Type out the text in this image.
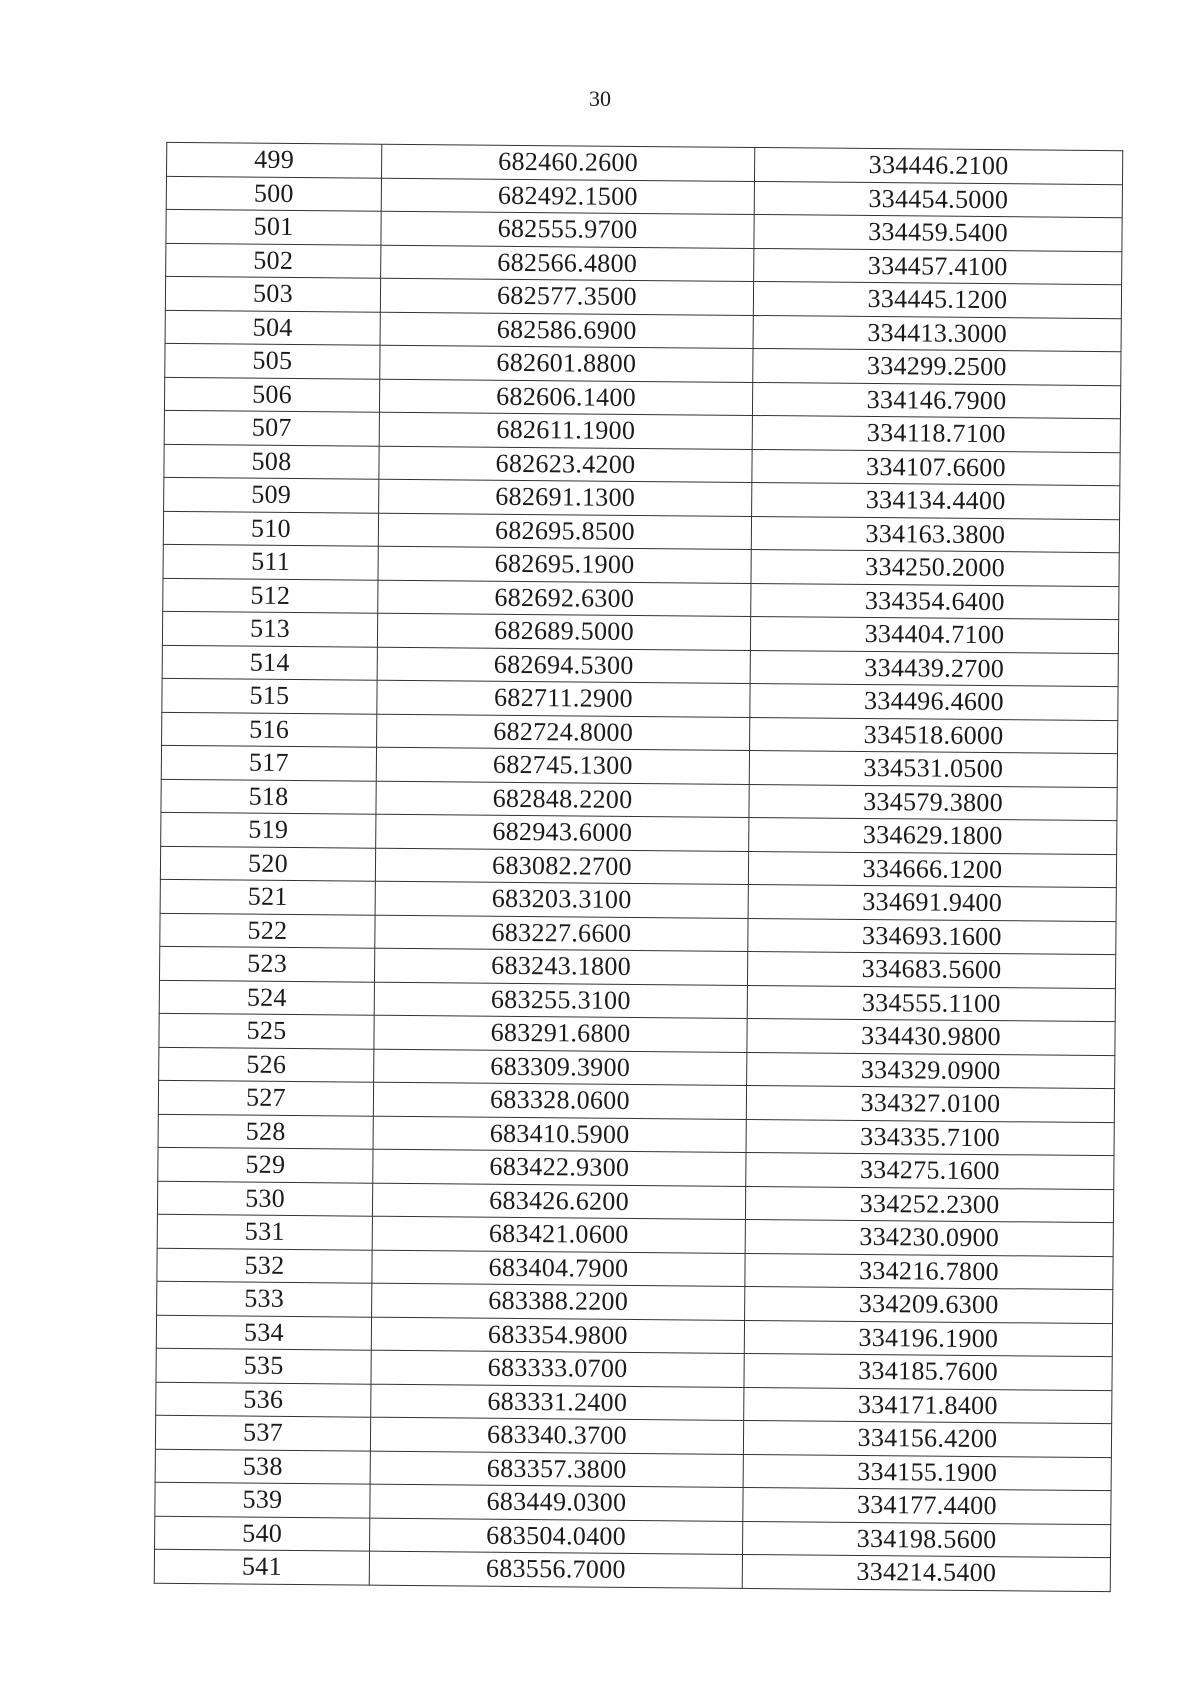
30
499	682460.2600	334446.2100
500	682492.1500	334454.5000
501	682555.9700	334459.5400
502	682566.4800	334457.4100
503	682577.3500	334445.1200
504	682586.6900	334413.3000
505	682601.8800	334299.2500
506	682606.1400	334146.7900
507	682611.1900	334118.7100
508	682623.4200	334107.6600
509	682691.1300	334134.4400
510	682695.8500	334163.3800
511	682695.1900	334250.2000
512	682692.6300	334354.6400
513	682689.5000	334404.7100
514	682694.5300	334439.2700
515	682711.2900	334496.4600
516	682724.8000	334518.6000
517	682745.1300	334531.0500
518	682848.2200	334579.3800
519	682943.6000	334629.1800
520	683082.2700	334666.1200
521	683203.3100	334691.9400
522	683227.6600	334693.1600
523	683243.1800	334683.5600
524	683255.3100	334555.1100
525	683291.6800	334430.9800
526	683309.3900	334329.0900
527	683328.0600	334327.0100
528	683410.5900	334335.7100
529	683422.9300	334275.1600
530	683426.6200	334252.2300
531	683421.0600	334230.0900
532	683404.7900	334216.7800
533	683388.2200	334209.6300
534	683354.9800	334196.1900
535	683333.0700	334185.7600
536	683331.2400	334171.8400
537	683340.3700	334156.4200
538	683357.3800	334155.1900
539	683449.0300	334177.4400
540	683504.0400	334198.5600
541	683556.7000	334214.5400
